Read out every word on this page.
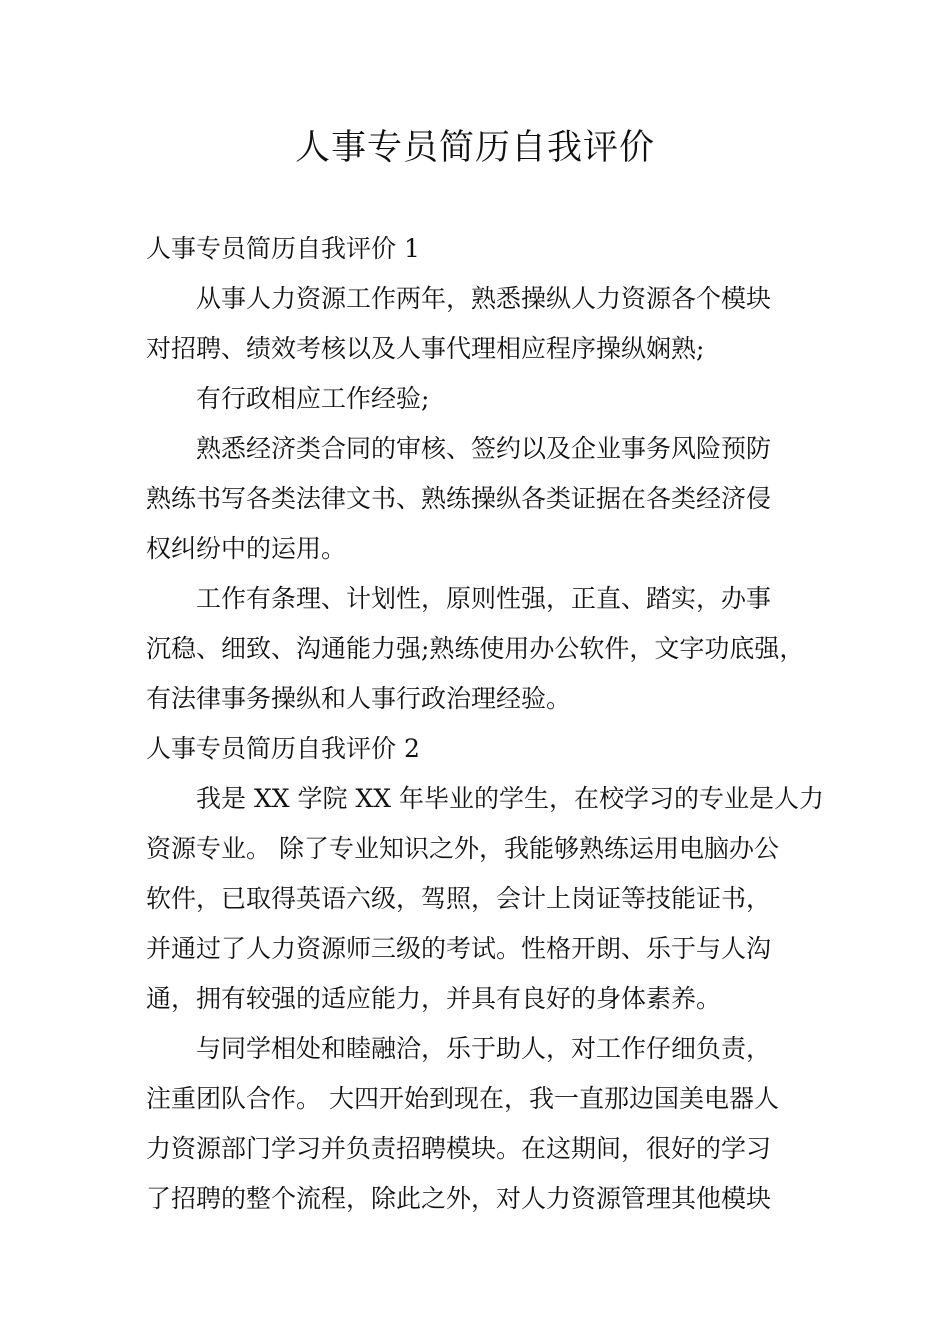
人事专员简历自我评价

人事专员简历自我评价 1

从事人力资源工作两年，熟悉操纵人力资源各个模块

对招聘、绩效考核以及人事代理相应程序操纵娴熟;

有行政相应工作经验;

熟悉经济类合同的审核、签约以及企业事务风险预防

熟练书写各类法律文书、熟练操纵各类证据在各类经济侵

权纠纷中的运用。

工作有条理、计划性，原则性强，正直、踏实，办事

沉稳、细致、沟通能力强;熟练使用办公软件，文字功底强，

有法律事务操纵和人事行政治理经验。

人事专员简历自我评价 2

我是 XX 学院 XX 年毕业的学生，在校学习的专业是人力

资源专业。 除了专业知识之外，我能够熟练运用电脑办公

软件，已取得英语六级，驾照，会计上岗证等技能证书，

并通过了人力资源师三级的考试。性格开朗、乐于与人沟

通，拥有较强的适应能力，并具有良好的身体素养。

与同学相处和睦融洽，乐于助人，对工作仔细负责，

注重团队合作。 大四开始到现在，我一直那边国美电器人

力资源部门学习并负责招聘模块。在这期间，很好的学习

了招聘的整个流程，除此之外，对人力资源管理其他模块
